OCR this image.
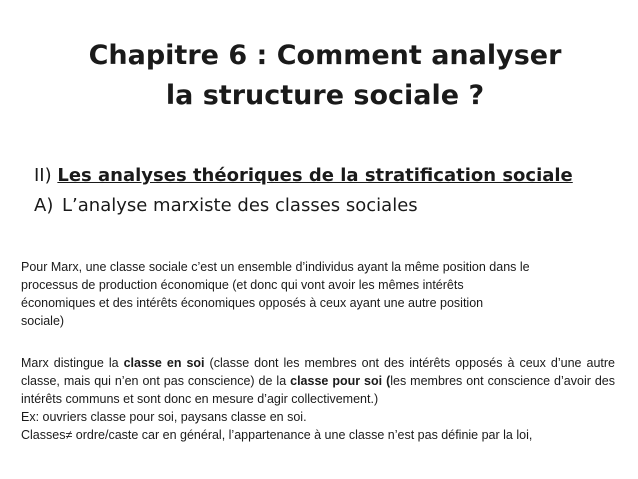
Chapitre 6 : Comment analyser
la structure sociale ?
II) Les analyses théoriques de la stratification sociale
A) L’analyse marxiste des classes sociales
Pour Marx, une classe sociale c’est un ensemble d’individus ayant la même position dans le
processus de production économique (et donc qui vont avoir les mêmes intérêts
économiques et des intérêts économiques opposés à ceux ayant une autre position
sociale)
Marx distingue la classe en soi (classe dont les membres ont des intérêts opposés à ceux d’une autre classe, mais qui n’en ont pas conscience) de la classe pour soi (les membres ont conscience d’avoir des intérêts communs et sont donc en mesure d’agir collectivement.)
Ex: ouvriers classe pour soi, paysans classe en soi.
Classes≠ ordre/caste car en général, l’appartenance à une classe n’est pas définie par la loi,
